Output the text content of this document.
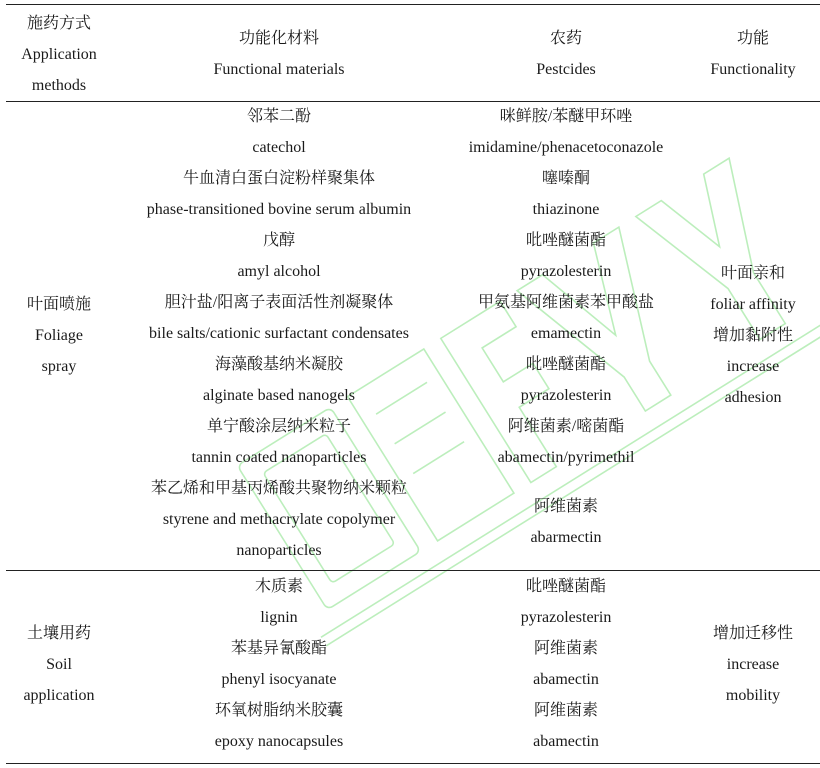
施药方式
Application
methods
功能化材料
Functional materials
农药
Pestcides
功能
Functionality
叶面喷施
Foliage
spray
邻苯二酚
catechol
牛血清白蛋白淀粉样聚集体
phase-transitioned bovine serum albumin
戊醇
amyl alcohol
胆汁盐/阳离子表面活性剂凝聚体
bile salts/cationic surfactant condensates
海藻酸基纳米凝胶
alginate based nanogels
单宁酸涂层纳米粒子
tannin coated nanoparticles
苯乙烯和甲基丙烯酸共聚物纳米颗粒
styrene and methacrylate copolymer
nanoparticles
咪鲜胺/苯醚甲环唑
imidamine/phenacetoconazole
噻嗪酮
thiazinone
吡唑醚菌酯
pyrazolesterin
甲氨基阿维菌素苯甲酸盐
emamectin
吡唑醚菌酯
pyrazolesterin
阿维菌素/嘧菌酯
abamectin/pyrimethil
阿维菌素
abarmectin
叶面亲和
foliar affinity
增加黏附性
increase
adhesion
土壤用药
Soil
application
木质素
lignin
苯基异氰酸酯
phenyl isocyanate
环氧树脂纳米胶囊
epoxy nanocapsules
吡唑醚菌酯
pyrazolesterin
阿维菌素
abamectin
阿维菌素
abamectin
增加迁移性
increase
mobility
